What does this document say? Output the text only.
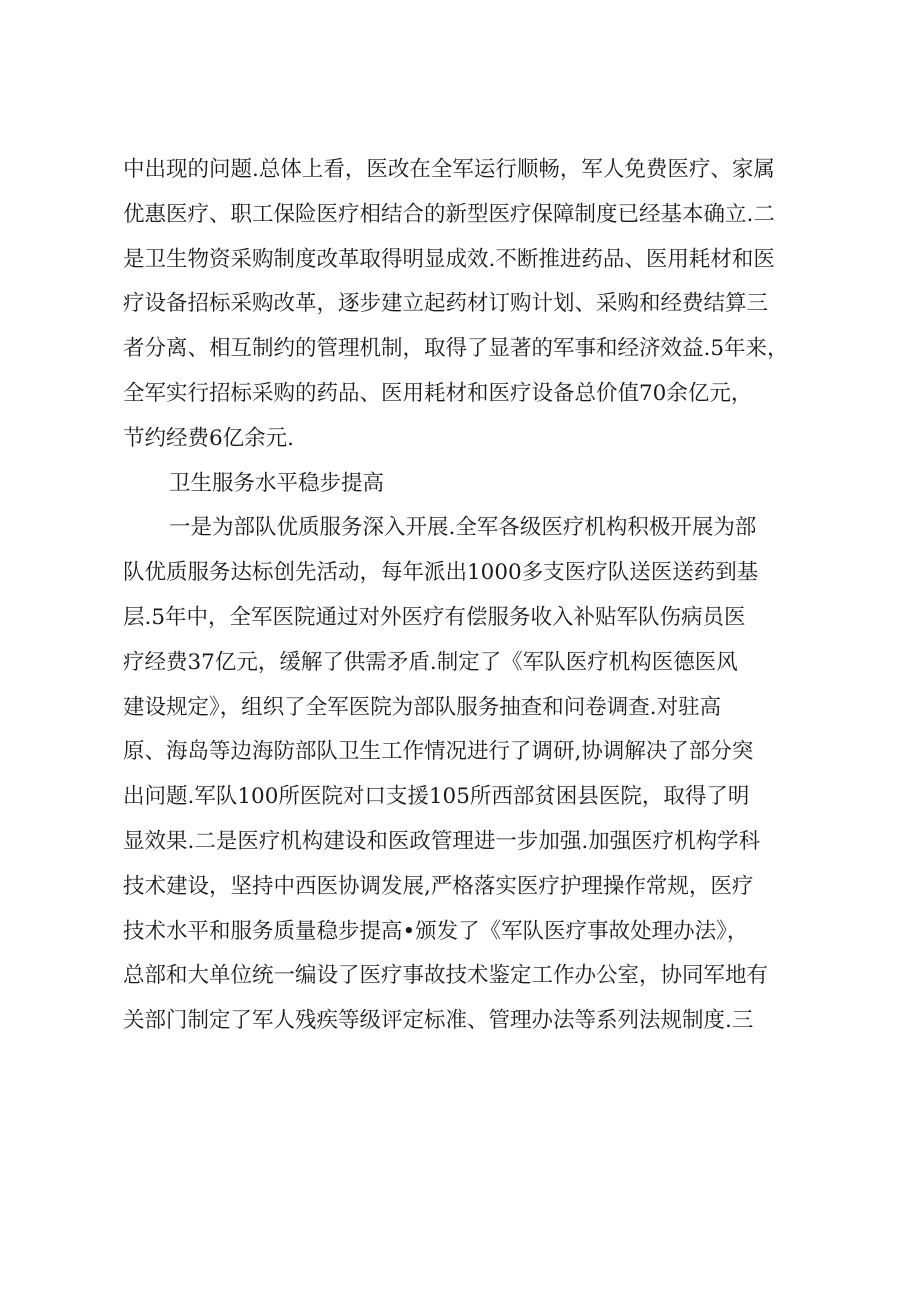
中出现的问题.总体上看，医改在全军运行顺畅，军人免费医疗、家属
优惠医疗、职工保险医疗相结合的新型医疗保障制度已经基本确立.二
是卫生物资采购制度改革取得明显成效.不断推进药品、医用耗材和医
疗设备招标采购改革，逐步建立起药材订购计划、采购和经费结算三
者分离、相互制约的管理机制，取得了显著的军事和经济效益.5年来，
全军实行招标采购的药品、医用耗材和医疗设备总价值70余亿元，
节约经费6亿余元.
卫生服务水平稳步提高
一是为部队优质服务深入开展.全军各级医疗机构积极开展为部
队优质服务达标创先活动，每年派出1000多支医疗队送医送药到基
层.5年中，全军医院通过对外医疗有偿服务收入补贴军队伤病员医
疗经费37亿元，缓解了供需矛盾.制定了《军队医疗机构医德医风
建设规定》，组织了全军医院为部队服务抽查和问卷调查.对驻高
原、海岛等边海防部队卫生工作情况进行了调研,协调解决了部分突
出问题.军队100所医院对口支援105所西部贫困县医院，取得了明
显效果.二是医疗机构建设和医政管理进一步加强.加强医疗机构学科
技术建设，坚持中西医协调发展,严格落实医疗护理操作常规，医疗
技术水平和服务质量稳步提高•颁发了《军队医疗事故处理办法》，
总部和大单位统一编设了医疗事故技术鉴定工作办公室，协同军地有
关部门制定了军人残疾等级评定标准、管理办法等系列法规制度.三
